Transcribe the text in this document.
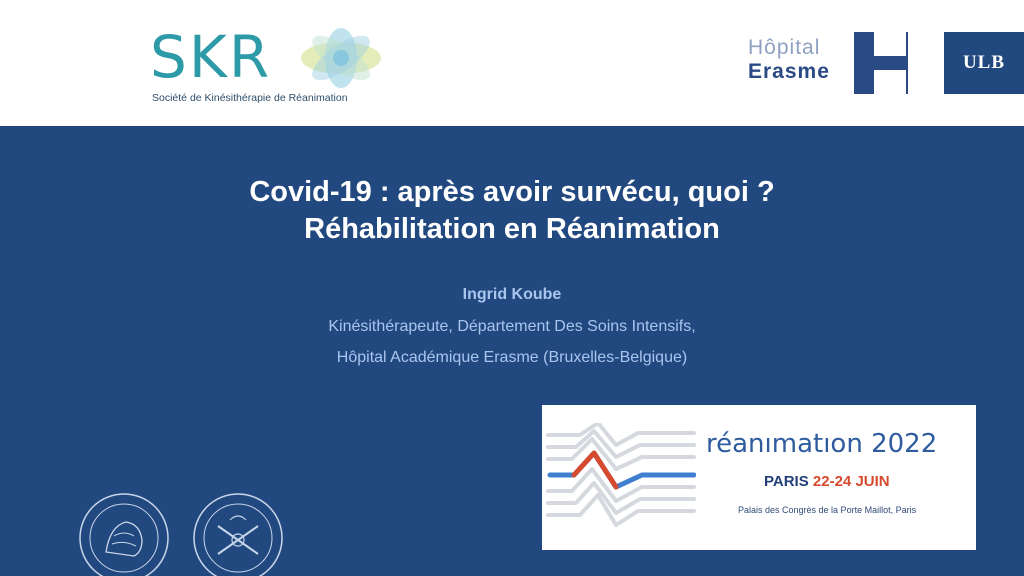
SKR
Société de Kinésithérapie de Réanimation
Hôpital
Erasme	ULB
Covid-19 : après avoir survécu, quoi ?
Réhabilitation en Réanimation
Ingrid Koube
Kinésithérapeute, Département Des Soins Intensifs,
Hôpital Académique Erasme (Bruxelles-Belgique)
réanımatıon 2022
PARIS 22-24 JUIN
Palais des Congrès de la Porte Maillot, Paris
